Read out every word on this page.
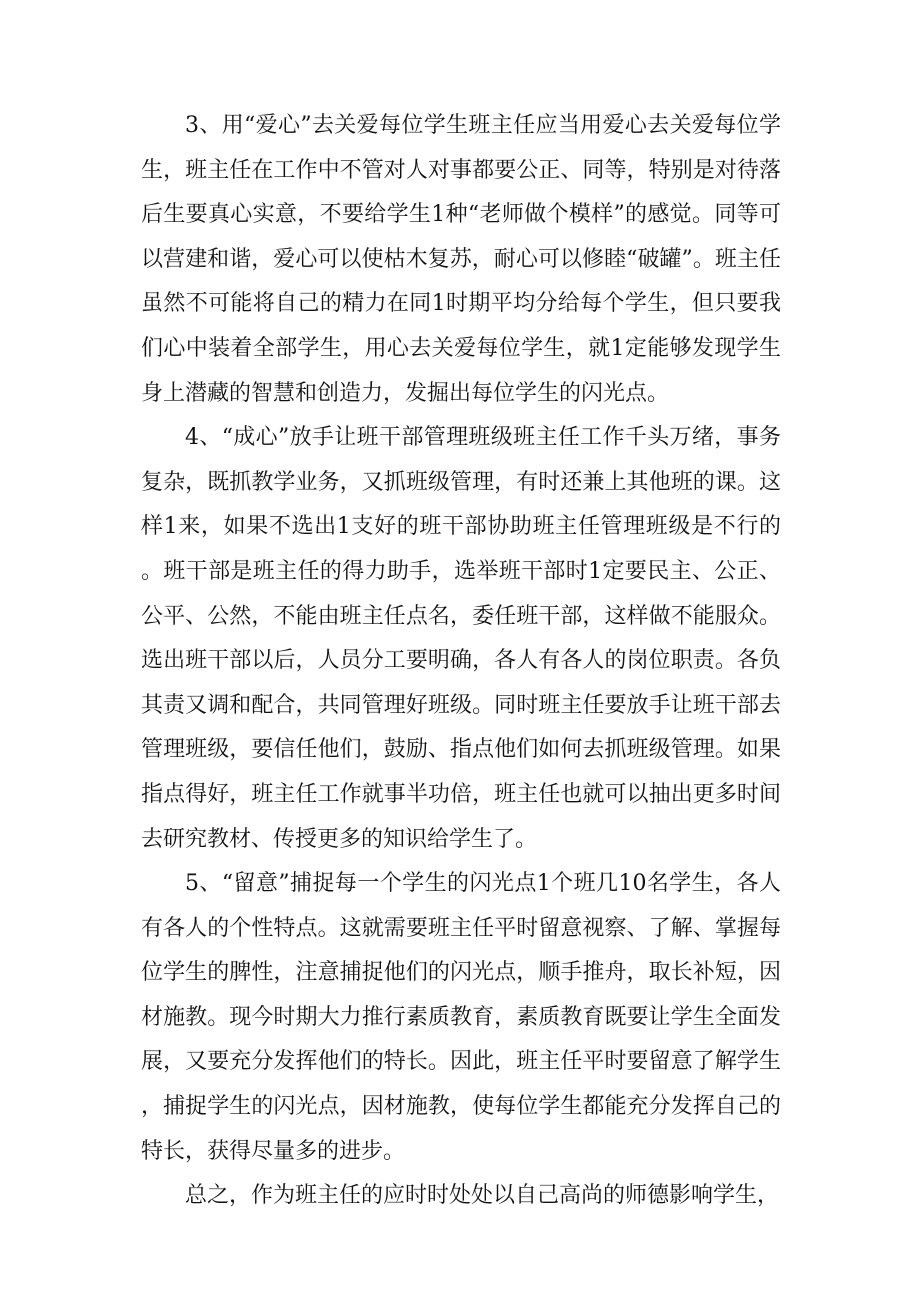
3、用“爱心”去关爱每位学生班主任应当用爱心去关爱每位学生，班主任在工作中不管对人对事都要公正、同等，特别是对待落后生要真心实意，不要给学生1种“老师做个模样”的感觉。同等可以营建和谐，爱心可以使枯木复苏，耐心可以修睦“破罐”。班主任虽然不可能将自己的精力在同1时期平均分给每个学生，但只要我们心中装着全部学生，用心去关爱每位学生，就1定能够发现学生身上潜藏的智慧和创造力，发掘出每位学生的闪光点。

4、“成心”放手让班干部管理班级班主任工作千头万绪，事务复杂，既抓教学业务，又抓班级管理，有时还兼上其他班的课。这样1来，如果不选出1支好的班干部协助班主任管理班级是不行的。班干部是班主任的得力助手，选举班干部时1定要民主、公正、公平、公然，不能由班主任点名，委任班干部，这样做不能服众。选出班干部以后，人员分工要明确，各人有各人的岗位职责。各负其责又调和配合，共同管理好班级。同时班主任要放手让班干部去管理班级，要信任他们，鼓励、指点他们如何去抓班级管理。如果指点得好，班主任工作就事半功倍，班主任也就可以抽出更多时间去研究教材、传授更多的知识给学生了。

5、“留意”捕捉每一个学生的闪光点1个班几10名学生，各人有各人的个性特点。这就需要班主任平时留意视察、了解、掌握每位学生的脾性，注意捕捉他们的闪光点，顺手推舟，取长补短，因材施教。现今时期大力推行素质教育，素质教育既要让学生全面发展，又要充分发挥他们的特长。因此，班主任平时要留意了解学生，捕捉学生的闪光点，因材施教，使每位学生都能充分发挥自己的特长，获得尽量多的进步。

总之，作为班主任的应时时处处以自己高尚的师德影响学生，
